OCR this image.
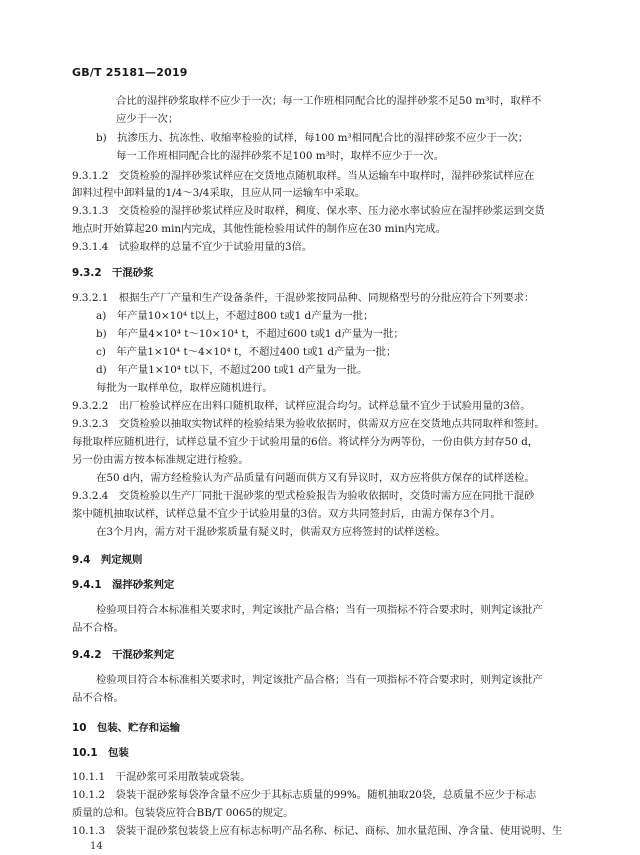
GB/T 25181—2019
合比的湿拌砂浆取样不应少于一次；每一工作班相同配合比的湿拌砂浆不足50 m³时，取样不
应少于一次；
b)　抗渗压力、抗冻性、收缩率检验的试样，每100 m³相同配合比的湿拌砂浆不应少于一次；
每一工作班相同配合比的湿拌砂浆不足100 m³时，取样不应少于一次。
9.3.1.2　交货检验的湿拌砂浆试样应在交货地点随机取样。当从运输车中取样时，湿拌砂浆试样应在
卸料过程中卸料量的1/4～3/4采取，且应从同一运输车中采取。
9.3.1.3　交货检验的湿拌砂浆试样应及时取样，稠度、保水率、压力泌水率试验应在湿拌砂浆运到交货
地点时开始算起20 min内完成，其他性能检验用试件的制作应在30 min内完成。
9.3.1.4　试验取样的总量不宜少于试验用量的3倍。
9.3.2　干混砂浆
9.3.2.1　根据生产厂产量和生产设备条件，干混砂浆按同品种、同规格型号的分批应符合下列要求：
a)　年产量10×10⁴ t以上，不超过800 t或1 d产量为一批；
b)　年产量4×10⁴ t～10×10⁴ t，不超过600 t或1 d产量为一批；
c)　年产量1×10⁴ t～4×10⁴ t，不超过400 t或1 d产量为一批；
d)　年产量1×10⁴ t以下，不超过200 t或1 d产量为一批。
每批为一取样单位，取样应随机进行。
9.3.2.2　出厂检验试样应在出料口随机取样，试样应混合均匀。试样总量不宜少于试验用量的3倍。
9.3.2.3　交货检验以抽取实物试样的检验结果为验收依据时，供需双方应在交货地点共同取样和签封。
每批取样应随机进行，试样总量不宜少于试验用量的6倍。将试样分为两等份，一份由供方封存50 d，
另一份由需方按本标准规定进行检验。
在50 d内，需方经检验认为产品质量有问题而供方又有异议时，双方应将供方保存的试样送检。
9.3.2.4　交货检验以生产厂同批干混砂浆的型式检验报告为验收依据时，交货时需方应在同批干混砂
浆中随机抽取试样，试样总量不宜少于试验用量的3倍。双方共同签封后，由需方保存3个月。
在3个月内，需方对干混砂浆质量有疑义时，供需双方应将签封的试样送检。
9.4　判定规则
9.4.1　湿拌砂浆判定
检验项目符合本标准相关要求时，判定该批产品合格；当有一项指标不符合要求时，则判定该批产
品不合格。
9.4.2　干混砂浆判定
检验项目符合本标准相关要求时，判定该批产品合格；当有一项指标不符合要求时，则判定该批产
品不合格。
10　包装、贮存和运输
10.1　包装
10.1.1　干混砂浆可采用散装或袋装。
10.1.2　袋装干混砂浆每袋净含量不应少于其标志质量的99%。随机抽取20袋，总质量不应少于标志
质量的总和。包装袋应符合BB/T 0065的规定。
10.1.3　袋装干混砂浆包装袋上应有标志标明产品名称、标记、商标、加水量范围、净含量、使用说明、生
14
